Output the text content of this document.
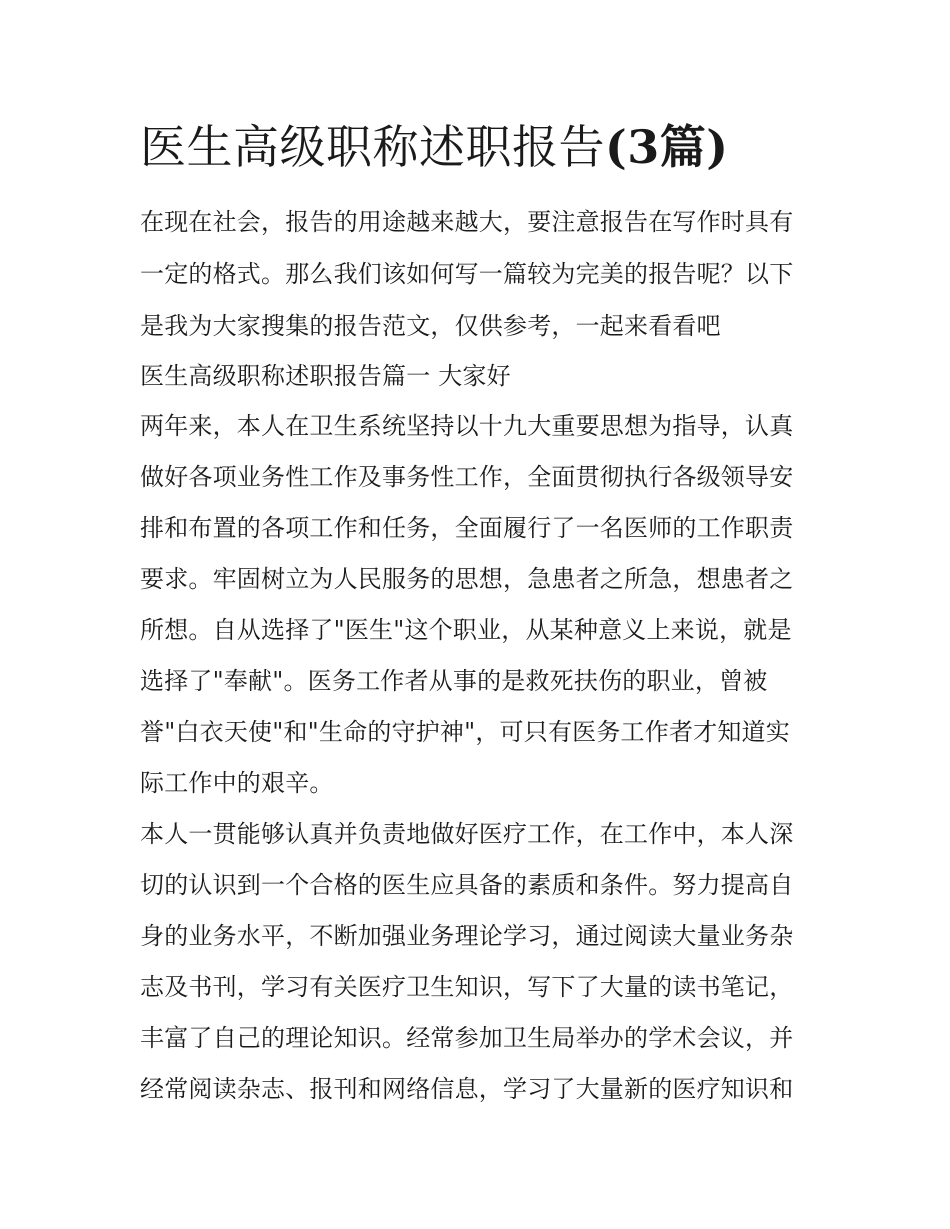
医生高级职称述职报告(3篇)
在现在社会，报告的用途越来越大，要注意报告在写作时具有
一定的格式。那么我们该如何写一篇较为完美的报告呢？以下
是我为大家搜集的报告范文，仅供参考，一起来看看吧
医生高级职称述职报告篇一 大家好
两年来，本人在卫生系统坚持以十九大重要思想为指导，认真
做好各项业务性工作及事务性工作，全面贯彻执行各级领导安
排和布置的各项工作和任务，全面履行了一名医师的工作职责
要求。牢固树立为人民服务的思想，急患者之所急，想患者之
所想。自从选择了"医生"这个职业，从某种意义上来说，就是
选择了"奉献"。医务工作者从事的是救死扶伤的职业，曾被
誉"白衣天使"和"生命的守护神"，可只有医务工作者才知道实
际工作中的艰辛。
本人一贯能够认真并负责地做好医疗工作，在工作中，本人深
切的认识到一个合格的医生应具备的素质和条件。努力提高自
身的业务水平，不断加强业务理论学习，通过阅读大量业务杂
志及书刊，学习有关医疗卫生知识，写下了大量的读书笔记，
丰富了自己的理论知识。经常参加卫生局举办的学术会议，并
经常阅读杂志、报刊和网络信息，学习了大量新的医疗知识和
